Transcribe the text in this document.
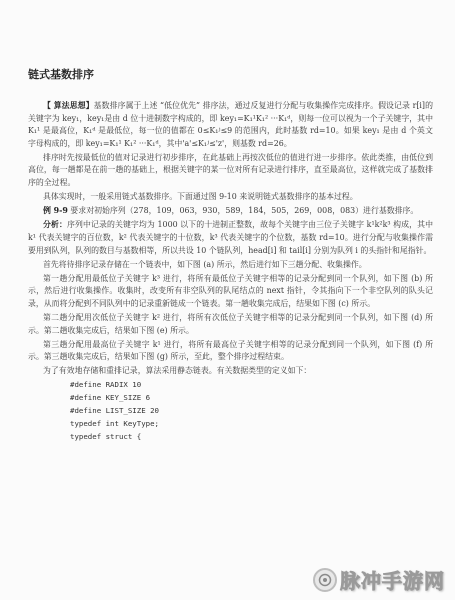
链式基数排序

【 算法思想】基数排序属于上述 “低位优先” 排序法，通过反复进行分配与收集操作完成排序。假设记录 r[i]的关键字为 key₁，key₁是由 d 位十进制数字构成的，即 key₁=K₁¹K₁² ···K₁ᵈ，则每一位可以视为一个子关键字，其中 K₁¹ 是最高位，K₁ᵈ 是最低位，每一位的值都在 0≤K₁ʲ≤9 的范围内，此时基数 rd=10。如果 key₁ 是由 d 个英文字母构成的，即 key₁=K₁¹ K₁² ···K₁ᵈ，其中'a'≤K₁ʲ≤'z'，则基数 rd=26。

排序时先按最低位的值对记录进行初步排序，在此基础上再按次低位的值进行进一步排序。依此类推，由低位到高位，每一趟都是在前一趟的基础上，根据关键字的某一位对所有记录进行排序，直至最高位，这样就完成了基数排序的全过程。

具体实现时，一般采用链式基数排序。下面通过图 9-10 来说明链式基数排序的基本过程。

例 9-9 要求对初始序列（278，109，063，930，589，184，505，269，008，083）进行基数排序。

分析：序列中记录的关键字均为 1000 以下的十进制正整数，故每个关键字由三位子关键字 k¹k²k³ 构成，其中 k¹ 代表关键字的百位数，k² 代表关键字的十位数，k³ 代表关键字的个位数，基数 rd=10。进行分配与收集操作需要用到队列，队列的数目与基数相等，所以共设 10 个链队列，head[i] 和 tail[i] 分别为队列 i 的头指针和尾指针。

首先将待排序记录存储在一个链表中，如下图 (a) 所示，然后进行如下三趟分配、收集操作。

第一趟分配用最低位子关键字 k³ 进行，将所有最低位子关键字相等的记录分配到同一个队列，如下图 (b) 所示，然后进行收集操作。收集时，改变所有非空队列的队尾结点的 next 指针，令其指向下一个非空队列的队头记录，从而将分配到不同队列中的记录重新链成一个链表。第一趟收集完成后，结果如下图 (c) 所示。

第二趟分配用次低位子关键字 k² 进行，将所有次低位子关键字相等的记录分配到同一个队列，如下图 (d) 所示。第二趟收集完成后，结果如下图 (e) 所示。

第三趟分配用最高位子关键字 k¹ 进行，将所有最高位子关键字相等的记录分配到同一个队列，如下图 (f) 所示。第三趟收集完成后，结果如下图 (g) 所示，至此，整个排序过程结束。

为了有效地存储和重排记录，算法采用静态链表。有关数据类型的定义如下：

#define RADIX 10
#define KEY_SIZE 6
#define LIST_SIZE 20
typedef int KeyType;
typedef struct {
脉冲手游网
